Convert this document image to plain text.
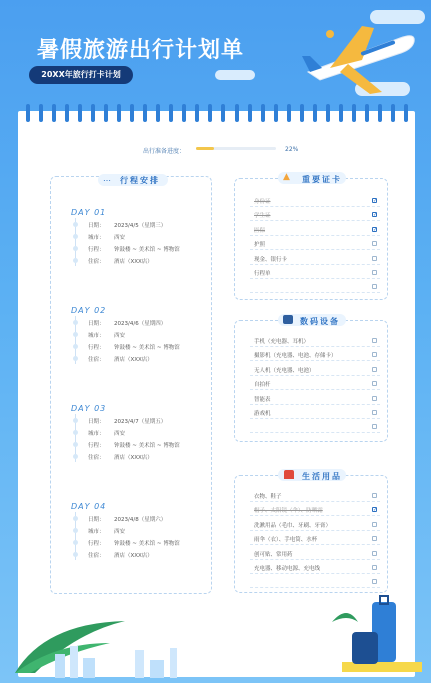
暑假旅游出行计划单
20XX年旅行打卡计划
出行准备进度：	22%
行程安排
…
DAY 01
日期： 2023/4/5（星期三）
城市： 西安
行程： 钟鼓楼 ~ 美术馆 ~ 博物馆
住宿： 酒店（XXX店）
DAY 02
日期： 2023/4/6（星期四）
城市： 西安
行程： 钟鼓楼 ~ 美术馆 ~ 博物馆
住宿： 酒店（XXX店）
DAY 03
日期： 2023/4/7（星期五）
城市： 西安
行程： 钟鼓楼 ~ 美术馆 ~ 博物馆
住宿： 酒店（XXX店）
DAY 04
日期： 2023/4/8（星期六）
城市： 西安
行程： 钟鼓楼 ~ 美术馆 ~ 博物馆
住宿： 酒店（XXX店）
▲	重要证卡
数码设备
生活用品
身份证	✓
学生证	✓
医保	✓
护照
现金、银行卡
行程单
手机（充电器、耳机）
摄影机（充电器、电池、存储卡）
无人机（充电器、电池）
自拍杆
智能表
游戏机
衣物、鞋子
帽子、太阳镜（伞）、防晒霜	✓
洗漱用品（毛巾、牙刷、牙膏）
雨伞（衣）、手电筒、水杯
创可贴、常用药
充电器、移动电源、充电线
